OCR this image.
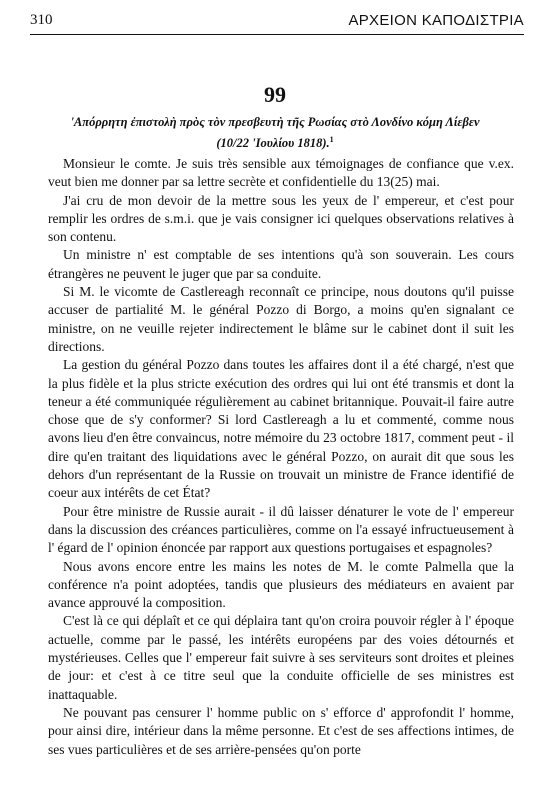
310	ΑΡΧΕΙΟΝ ΚΑΠΟΔΙΣΤΡΙΑ
99
'Απόρρητη ἐπιστολὴ πρὸς τὸν πρεσβευτὴ τῆς Ρωσίας στὸ Λονδίνο κόμη Λίεβεν
(10/22 'Ιουλίου 1818).$^1$

Monsieur le comte. Je suis très sensible aux témoignages de confiance que v.ex. veut bien me donner par sa lettre secrète et confidentielle du 13(25) mai.

J'ai cru de mon devoir de la mettre sous les yeux de l' empereur, et c'est pour remplir les ordres de s.m.i. que je vais consigner ici quelques observations relatives à son contenu.

Un ministre n' est comptable de ses intentions qu'à son souverain. Les cours étrangères ne peuvent le juger que par sa conduite.

Si M. le vicomte de Castlereagh reconnaît ce principe, nous doutons qu'il puisse accuser de partialité M. le général Pozzo di Borgo, a moins qu'en signalant ce ministre, on ne veuille rejeter indirectement le blâme sur le cabinet dont il suit les directions.

La gestion du général Pozzo dans toutes les affaires dont il a été chargé, n'est que la plus fidèle et la plus stricte exécution des ordres qui lui ont été transmis et dont la teneur a été communiquée régulièrement au cabinet britannique. Pouvait-il faire autre chose que de s'y conformer? Si lord Castlereagh a lu et commenté, comme nous avons lieu d'en être convaincus, notre mémoire du 23 octobre 1817, comment peut - il dire qu'en traitant des liquidations avec le général Pozzo, on aurait dit que sous les dehors d'un représentant de la Russie on trouvait un ministre de France identifié de coeur aux intérêts de cet État?

Pour être ministre de Russie aurait - il dû laisser dénaturer le vote de l' empereur dans la discussion des créances particulières, comme on l'a essayé infructueusement à l' égard de l' opinion énoncée par rapport aux questions portugaises et espagnoles?

Nous avons encore entre les mains les notes de M. le comte Palmella que la conférence n'a point adoptées, tandis que plusieurs des médiateurs en avaient par avance approuvé la composition.

C'est là ce qui déplaît et ce qui déplaira tant qu'on croira pouvoir régler à l' époque actuelle, comme par le passé, les intérêts européens par des voies détournés et mystérieuses. Celles que l' empereur fait suivre à ses serviteurs sont droites et pleines de jour: et c'est à ce titre seul que la conduite officielle de ses ministres est inattaquable.

Ne pouvant pas censurer l' homme public on s' efforce d' approfondit l' homme, pour ainsi dire, intérieur dans la même personne. Et c'est de ses affections intimes, de ses vues particulières et de ses arrière-pensées qu'on porte
